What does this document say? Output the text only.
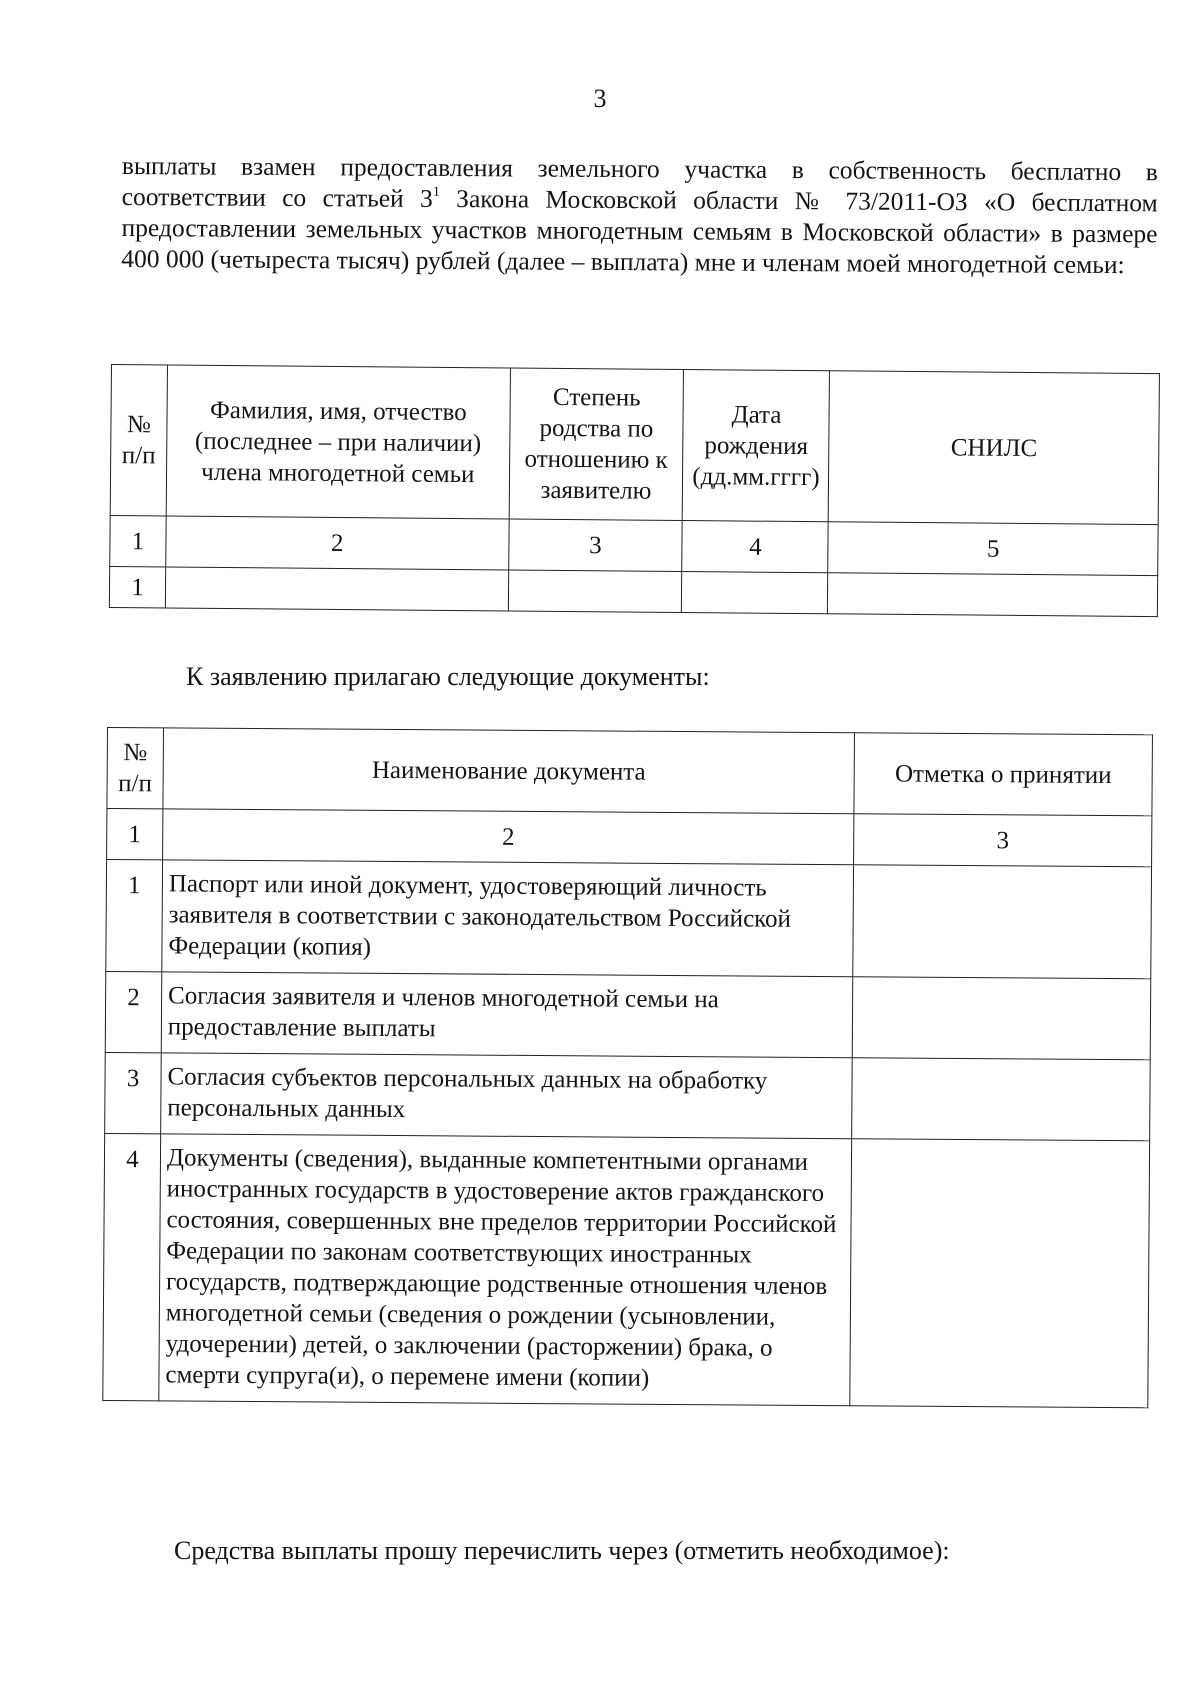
3
выплаты взамен предоставления земельного участка в собственность бесплатно в соответствии со статьей $3^1$ Закона Московской области № 73/2011-ОЗ «О бесплатном предоставлении земельных участков многодетным семьям в Московской области» в размере 400 000 (четыреста тысяч) рублей (далее – выплата) мне и членам моей многодетной семьи:
№ п/п	Фамилия, имя, отчество (последнее – при наличии) члена многодетной семьи	Степень родства по отношению к заявителю	Дата рождения (дд.мм.гггг)	СНИЛС
1	2	3	4	5
1				
К заявлению прилагаю следующие документы:
№ п/п	Наименование документа	Отметка о принятии
1	2	3
1	Паспорт или иной документ, удостоверяющий личность заявителя в соответствии с законодательством Российской Федерации (копия)	
2	Согласия заявителя и членов многодетной семьи на предоставление выплаты	
3	Согласия субъектов персональных данных на обработку персональных данных	
4	Документы (сведения), выданные компетентными органами иностранных государств в удостоверение актов гражданского состояния, совершенных вне пределов территории Российской Федерации по законам соответствующих иностранных государств, подтверждающие родственные отношения членов многодетной семьи (сведения о рождении (усыновлении, удочерении) детей, о заключении (расторжении) брака, о смерти супруга(и), о перемене имени (копии)	
Средства выплаты прошу перечислить через (отметить необходимое):
